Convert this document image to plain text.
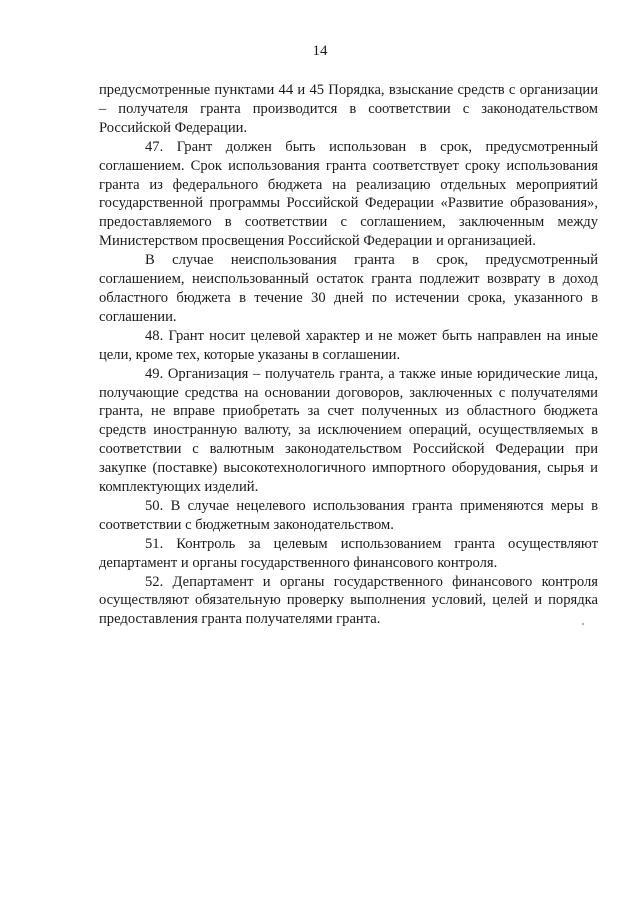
14

предусмотренные пунктами 44 и 45 Порядка, взыскание средств с организации – получателя гранта производится в соответствии с законодательством Российской Федерации.

47. Грант должен быть использован в срок, предусмотренный соглашением. Срок использования гранта соответствует сроку использования гранта из федерального бюджета на реализацию отдельных мероприятий государственной программы Российской Федерации «Развитие образования», предоставляемого в соответствии с соглашением, заключенным между Министерством просвещения Российской Федерации и организацией.

В случае неиспользования гранта в срок, предусмотренный соглашением, неиспользованный остаток гранта подлежит возврату в доход областного бюджета в течение 30 дней по истечении срока, указанного в соглашении.

48. Грант носит целевой характер и не может быть направлен на иные цели, кроме тех, которые указаны в соглашении.

49. Организация – получатель гранта, а также иные юридические лица, получающие средства на основании договоров, заключенных с получателями гранта, не вправе приобретать за счет полученных из областного бюджета средств иностранную валюту, за исключением операций, осуществляемых в соответствии с валютным законодательством Российской Федерации при закупке (поставке) высокотехнологичного импортного оборудования, сырья и комплектующих изделий.

50. В случае нецелевого использования гранта применяются меры в соответствии с бюджетным законодательством.

51. Контроль за целевым использованием гранта осуществляют департамент и органы государственного финансового контроля.

52. Департамент и органы государственного финансового контроля осуществляют обязательную проверку выполнения условий, целей и порядка предоставления гранта получателями гранта.
